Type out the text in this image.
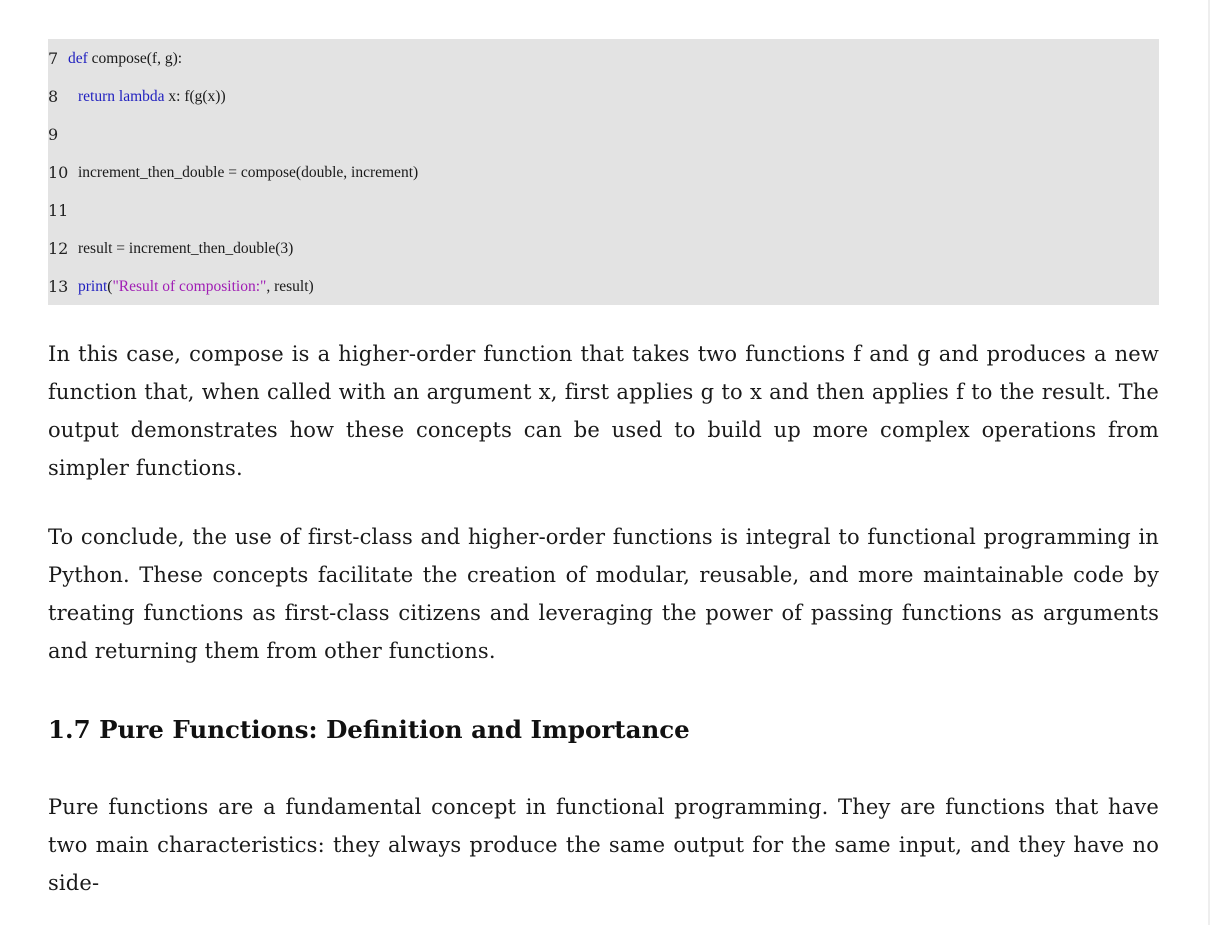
7 def compose(f, g):
8	return
lambda x: f(g(x))
9
10 increment_then_double = compose(double, increment)
11
12 result = increment_then_double(3)
13 print ( "Result of composition:" , result)

In this case, compose is a higher-order function that takes two functions f and g and produces a new function that, when called with an argument x, first applies g to x and then applies f to the result. The output demonstrates how these concepts can be used to build up more complex operations from simpler functions.

To conclude, the use of first-class and higher-order functions is integral to functional programming in Python. These concepts facilitate the creation of modular, reusable, and more maintainable code by treating functions as first-class citizens and leveraging the power of passing functions as arguments and returning them from other functions.

1.7 Pure Functions: Definition and Importance

Pure functions are a fundamental concept in functional programming. They are functions that have two main characteristics: they always produce the same output for the same input, and they have no side-
